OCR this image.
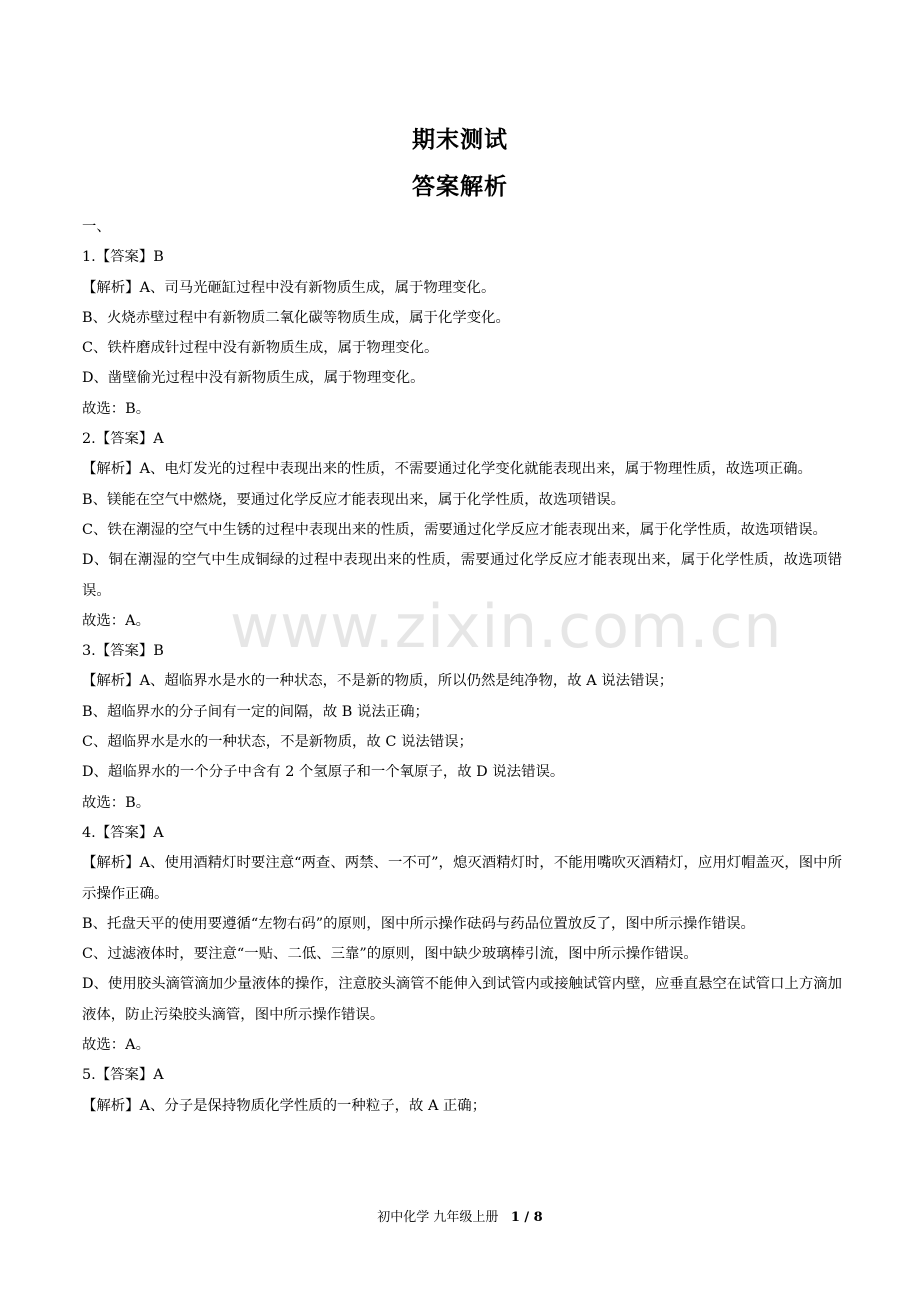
期末测试
答案解析
一、
1.【答案】B
【解析】A、司马光砸缸过程中没有新物质生成，属于物理变化。
B、火烧赤壁过程中有新物质二氧化碳等物质生成，属于化学变化。
C、铁杵磨成针过程中没有新物质生成，属于物理变化。
D、凿壁偷光过程中没有新物质生成，属于物理变化。
故选：B。
2.【答案】A
【解析】A、电灯发光的过程中表现出来的性质，不需要通过化学变化就能表现出来，属于物理性质，故选项正确。
B、镁能在空气中燃烧，要通过化学反应才能表现出来，属于化学性质，故选项错误。
C、铁在潮湿的空气中生锈的过程中表现出来的性质，需要通过化学反应才能表现出来，属于化学性质，故选项错误。
D、铜在潮湿的空气中生成铜绿的过程中表现出来的性质，需要通过化学反应才能表现出来，属于化学性质，故选项错误。
故选：A。
3.【答案】B
【解析】A、超临界水是水的一种状态，不是新的物质，所以仍然是纯净物，故 A 说法错误；
B、超临界水的分子间有一定的间隔，故 B 说法正确；
C、超临界水是水的一种状态，不是新物质，故 C 说法错误；
D、超临界水的一个分子中含有 2 个氢原子和一个氧原子，故 D 说法错误。
故选：B。
4.【答案】A
【解析】A、使用酒精灯时要注意“两查、两禁、一不可”，熄灭酒精灯时，不能用嘴吹灭酒精灯，应用灯帽盖灭，图中所示操作正确。
B、托盘天平的使用要遵循“左物右码”的原则，图中所示操作砝码与药品位置放反了，图中所示操作错误。
C、过滤液体时，要注意“一贴、二低、三靠”的原则，图中缺少玻璃棒引流，图中所示操作错误。
D、使用胶头滴管滴加少量液体的操作，注意胶头滴管不能伸入到试管内或接触试管内壁，应垂直悬空在试管口上方滴加液体，防止污染胶头滴管，图中所示操作错误。
故选：A。
5.【答案】A
【解析】A、分子是保持物质化学性质的一种粒子，故 A 正确；
www.zixin.com.cn
初中化学 九年级上册 1 / 8
